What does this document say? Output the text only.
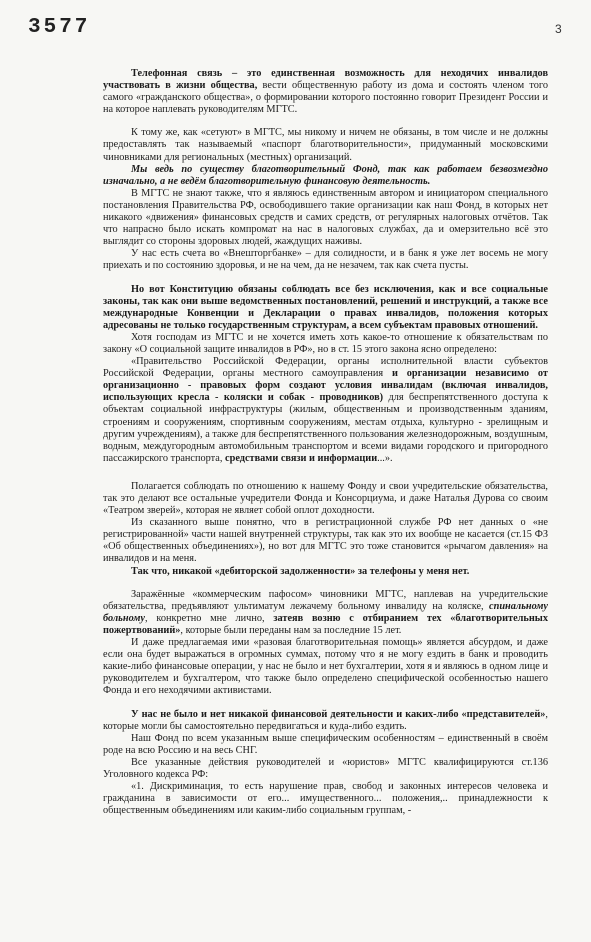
3577	3

Телефонная связь – это единственная возможность для неходячих инвалидов участвовать в жизни общества, вести общественную работу из дома и состоять членом того самого «гражданского общества», о формировании которого постоянно говорит Президент России и на которое наплевать руководителям МГТС.

К тому же, как «сетуют» в МГТС, мы никому и ничем не обязаны, в том числе и не должны предоставлять так называемый «паспорт благотворительности», придуманный московскими чиновниками для региональных (местных) организаций.

Мы ведь по существу благотворительный Фонд, так как работаем безвозмездно изначально, а не ведём благотворительную финансовую деятельность.

В МГТС не знают также, что я являюсь единственным автором и инициатором специального постановления Правительства РФ, освободившего такие организации как наш Фонд, в которых нет никакого «движения» финансовых средств и самих средств, от регулярных налоговых отчётов. Так что напрасно было искать компромат на нас в налоговых службах, да и омерзительно всё это выглядит со стороны здоровых людей, жаждущих наживы.

У нас есть счета во «Внешторгбанке» – для солидности, и в банк я уже лет восемь не могу приехать и по состоянию здоровья, и не на чем, да не незачем, так как счета пусты.

Но вот Конституцию обязаны соблюдать все без исключения, как и все социальные законы, так как они выше ведомственных постановлений, решений и инструкций, а также все международные Конвенции и Декларации о правах инвалидов, положения которых адресованы не только государственным структурам, а всем субъектам правовых отношений.

Хотя господам из МГТС и не хочется иметь хоть какое-то отношение к обязательствам по закону «О социальной защите инвалидов в РФ», но в ст. 15 этого закона ясно определено:

«Правительство Российской Федерации, органы исполнительной власти субъектов Российской Федерации, органы местного самоуправления и организации независимо от организационно - правовых форм создают условия инвалидам (включая инвалидов, использующих кресла - коляски и собак - проводников) для беспрепятственного доступа к объектам социальной инфраструктуры (жилым, общественным и производственным зданиям, строениям и сооружениям, спортивным сооружениям, местам отдыха, культурно - зрелищным и другим учреждениям), а также для беспрепятственного пользования железнодорожным, воздушным, водным, междугородным автомобильным транспортом и всеми видами городского и пригородного пассажирского транспорта, средствами связи и информации...».

Полагается соблюдать по отношению к нашему Фонду и свои учредительские обязательства, так это делают все остальные учредители Фонда и Консорциума, и даже Наталья Дурова со своим «Театром зверей», которая не являет собой оплот доходности.

Из сказанного выше понятно, что в регистрационной службе РФ нет данных о «не регистрированной» части нашей внутренней структуры, так как это их вообще не касается (ст.15 ФЗ «Об общественных объединениях»), но вот для МГТС это тоже становится «рычагом давления» на инвалидов и на меня.

Так что, никакой «дебиторской задолженности» за телефоны у меня нет.

Заражённые «коммерческим пафосом» чиновники МГТС, наплевав на учредительские обязательства, предъявляют ультиматум лежачему больному инвалиду на коляске, спинальному больному, конкретно мне лично, затеяв возню с отбиранием тех «благотворительных пожертвований», которые были переданы нам за последние 15 лет.

И даже предлагаемая ими «разовая благотворительная помощь» является абсурдом, и даже если она будет выражаться в огромных суммах, потому что я не могу ездить в банк и проводить какие-либо финансовые операции, у нас не было и нет бухгалтерии, хотя я и являюсь в одном лице и руководителем и бухгалтером, что также было определено специфической особенностью нашего Фонда и его неходячими активистами.

У нас не было и нет никакой финансовой деятельности и каких-либо «представителей», которые могли бы самостоятельно передвигаться и куда-либо ездить.

Наш Фонд по всем указанным выше специфическим особенностям – единственный в своём роде на всю Россию и на весь СНГ.

Все указанные действия руководителей и «юристов» МГТС квалифицируются ст.136 Уголовного кодекса РФ:

«1. Дискриминация, то есть нарушение прав, свобод и законных интересов человека и гражданина в зависимости от его... имущественного... положения,.. принадлежности к общественным объединениям или каким-либо социальным группам, -
